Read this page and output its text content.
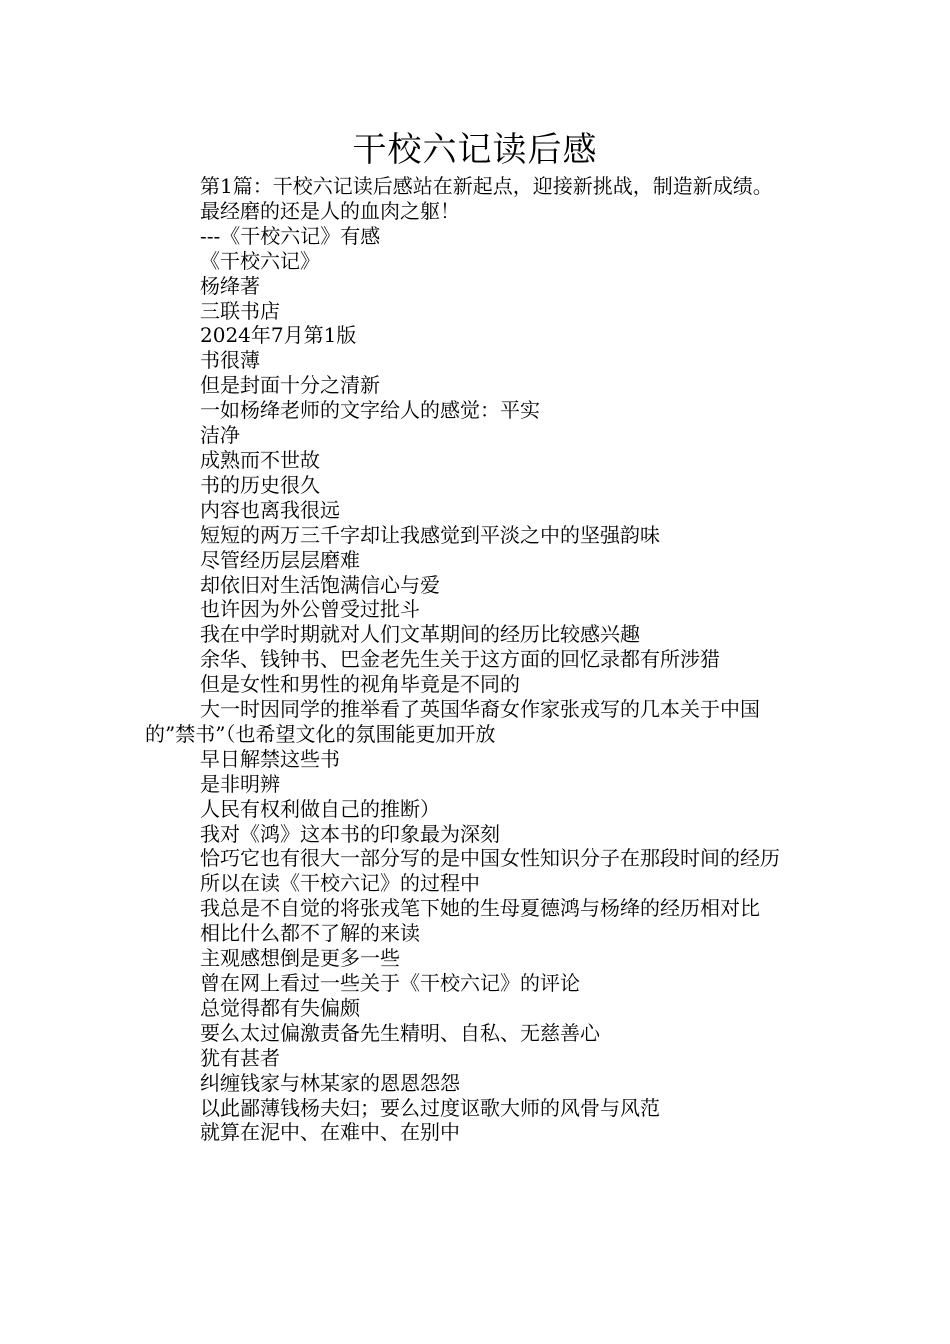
干校六记读后感

第1篇：干校六记读后感站在新起点，迎接新挑战，制造新成绩。

最经磨的还是人的血肉之躯！

---《干校六记》有感

《干校六记》

杨绛著

三联书店

2024年7月第1版

书很薄

但是封面十分之清新

一如杨绛老师的文字给人的感觉：平实

洁净

成熟而不世故

书的历史很久

内容也离我很远

短短的两万三千字却让我感觉到平淡之中的坚强韵味

尽管经历层层磨难

却依旧对生活饱满信心与爱

也许因为外公曾受过批斗

我在中学时期就对人们文革期间的经历比较感兴趣

余华、钱钟书、巴金老先生关于这方面的回忆录都有所涉猎

但是女性和男性的视角毕竟是不同的

大一时因同学的推举看了英国华裔女作家张戎写的几本关于中国的”禁书”（也希望文化的氛围能更加开放

早日解禁这些书

是非明辨

人民有权利做自己的推断）

我对《鸿》这本书的印象最为深刻

恰巧它也有很大一部分写的是中国女性知识分子在那段时间的经历

所以在读《干校六记》的过程中

我总是不自觉的将张戎笔下她的生母夏德鸿与杨绛的经历相对比

相比什么都不了解的来读

主观感想倒是更多一些

曾在网上看过一些关于《干校六记》的评论

总觉得都有失偏颇

要么太过偏激责备先生精明、自私、无慈善心

犹有甚者

纠缠钱家与林某家的恩恩怨怨

以此鄙薄钱杨夫妇；要么过度讴歌大师的风骨与风范

就算在泥中、在难中、在别中
